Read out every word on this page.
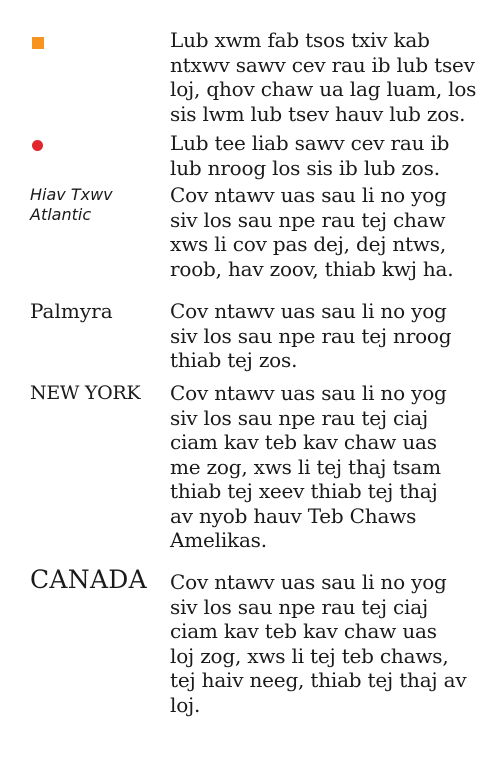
Lub xwm fab tsos txiv kab
ntxwv sawv cev rau ib lub tsev
loj, qhov chaw ua lag luam, los
sis lwm lub tsev hauv lub zos.
Lub tee liab sawv cev rau ib
lub nroog los sis ib lub zos.
Hiav Txwv
Atlantic
Cov ntawv uas sau li no yog
siv los sau npe rau tej chaw
xws li cov pas dej, dej ntws,
roob, hav zoov, thiab kwj ha.
Palmyra	Cov ntawv uas sau li no yog
siv los sau npe rau tej nroog
thiab tej zos.
NEW YORK Cov ntawv uas sau li no yog
siv los sau npe rau tej ciaj
ciam kav teb kav chaw uas
me zog, xws li tej thaj tsam
thiab tej xeev thiab tej thaj
av nyob hauv Teb Chaws
Amelikas.
CANADA Cov ntawv uas sau li no yog
siv los sau npe rau tej ciaj
ciam kav teb kav chaw uas
loj zog, xws li tej teb chaws,
tej haiv neeg, thiab tej thaj av
loj.
